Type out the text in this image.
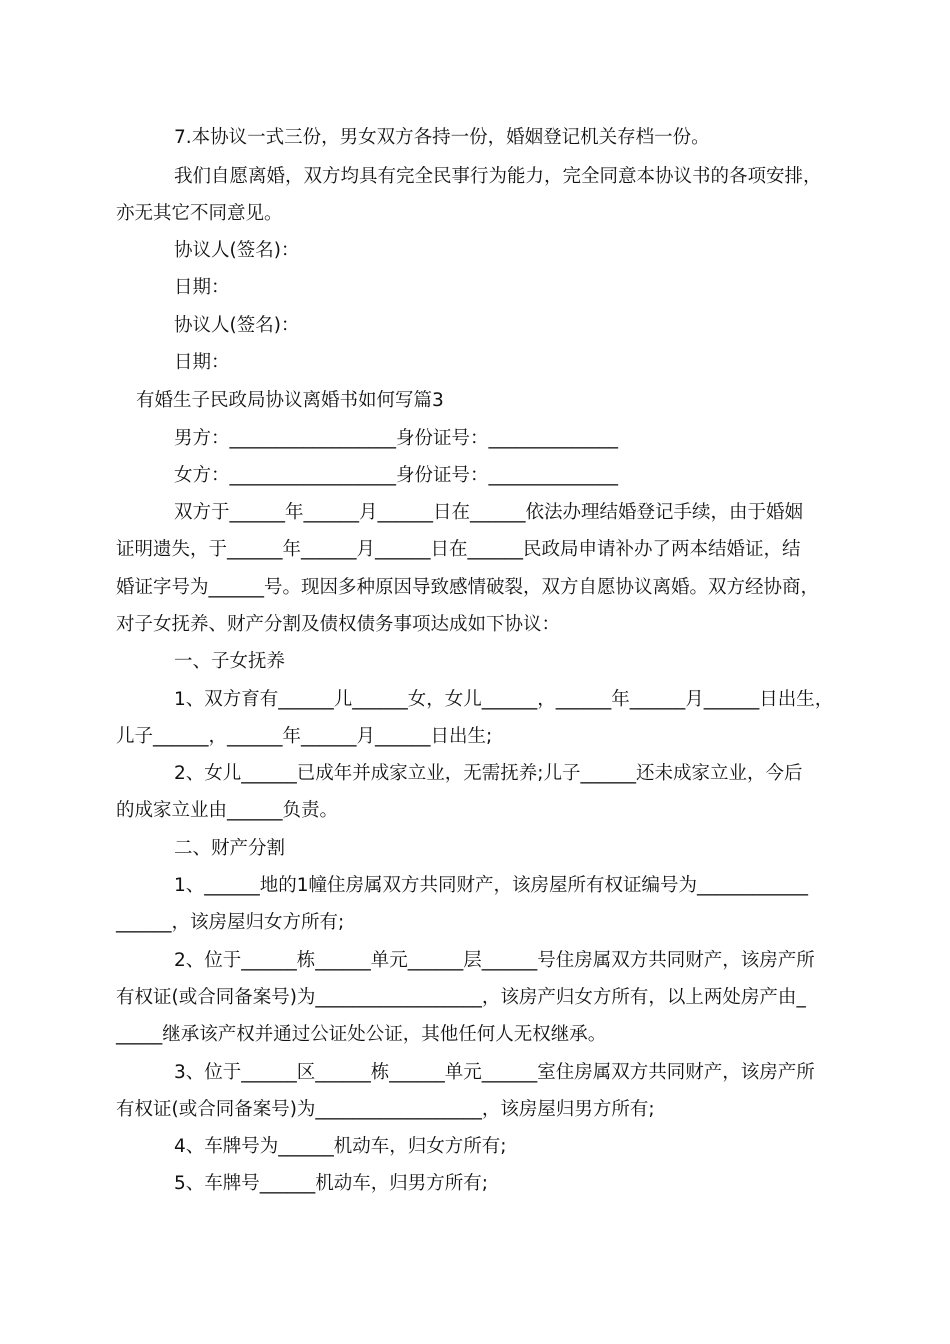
7.本协议一式三份，男女双方各持一份，婚姻登记机关存档一份。

我们自愿离婚，双方均具有完全民事行为能力，完全同意本协议书的各项安排，

亦无其它不同意见。

协议人(签名)：

日期：

协议人(签名)：

日期：

有婚生子民政局协议离婚书如何写篇3

男方：__________________身份证号：______________

女方：__________________身份证号：______________

双方于______年______月______日在______依法办理结婚登记手续，由于婚姻

证明遗失，于______年______月______日在______民政局申请补办了两本结婚证，结

婚证字号为______号。现因多种原因导致感情破裂，双方自愿协议离婚。双方经协商，

对子女抚养、财产分割及债权债务事项达成如下协议：

一、子女抚养

1、双方育有______儿______女，女儿______，______年______月______日出生，

儿子______，______年______月______日出生;

2、女儿______已成年并成家立业，无需抚养;儿子______还未成家立业，今后

的成家立业由______负责。

二、财产分割

1、______地的1幢住房属双方共同财产，该房屋所有权证编号为____________

______，该房屋归女方所有;

2、位于______栋______单元______层______号住房属双方共同财产，该房产所

有权证(或合同备案号)为__________________，该房产归女方所有，以上两处房产由_

_____继承该产权并通过公证处公证，其他任何人无权继承。

3、位于______区______栋______单元______室住房属双方共同财产，该房产所

有权证(或合同备案号)为__________________，该房屋归男方所有;

4、车牌号为______机动车，归女方所有;

5、车牌号______机动车，归男方所有;
